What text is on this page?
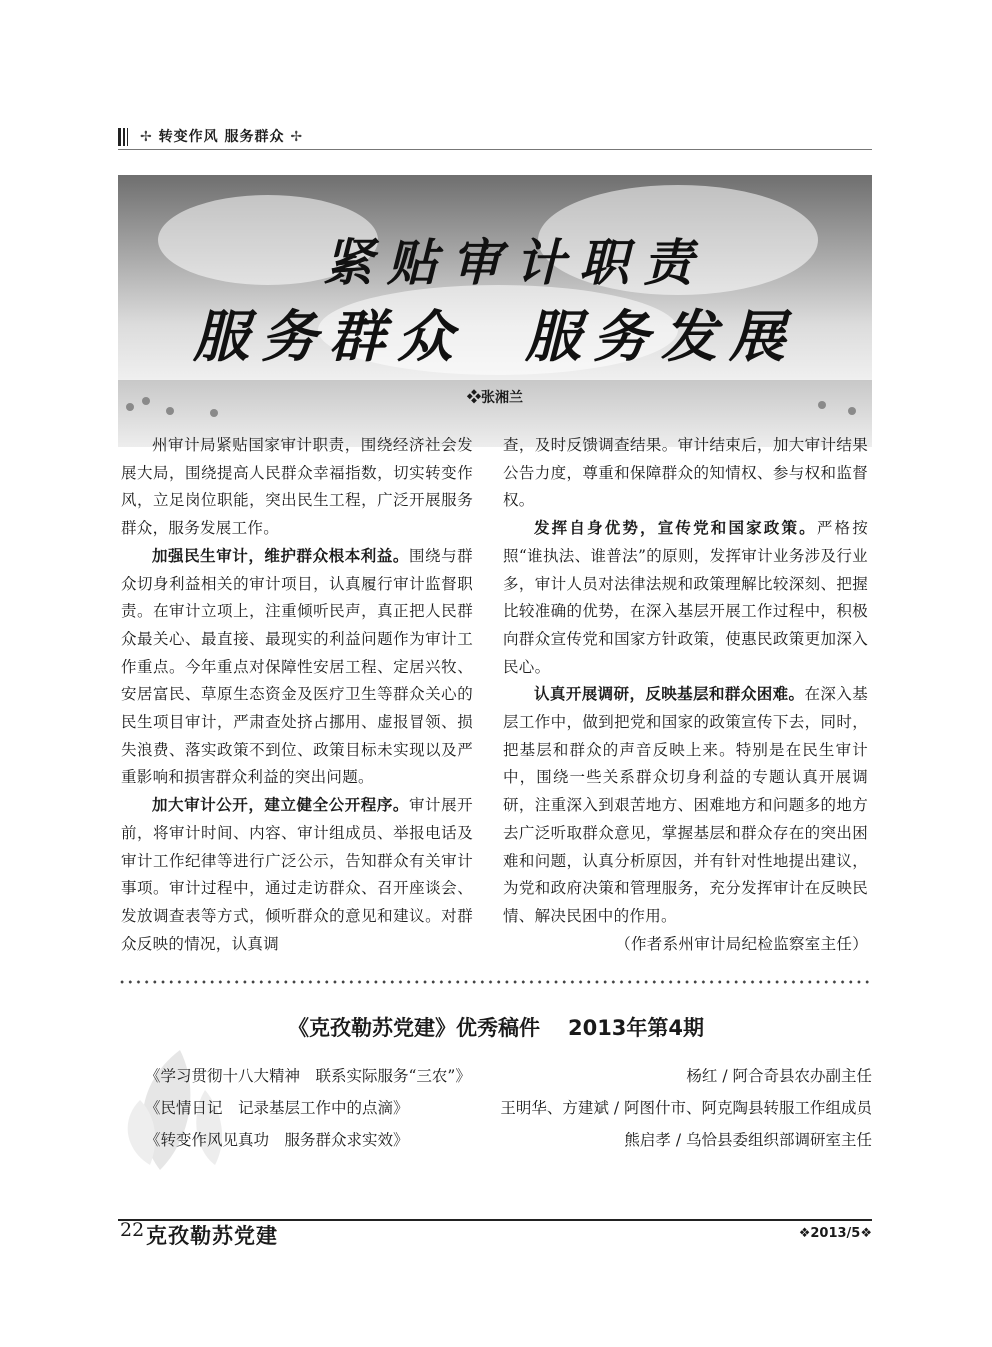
✢ 转变作风 服务群众 ✢
紧贴审计职责
服务群众 服务发展
❖张湘兰

州审计局紧贴国家审计职责，围绕经济社会发展大局，围绕提高人民群众幸福指数，切实转变作风，立足岗位职能，突出民生工程，广泛开展服务群众，服务发展工作。

加强民生审计，维护群众根本利益。围绕与群众切身利益相关的审计项目，认真履行审计监督职责。在审计立项上，注重倾听民声，真正把人民群众最关心、最直接、最现实的利益问题作为审计工作重点。今年重点对保障性安居工程、定居兴牧、安居富民、草原生态资金及医疗卫生等群众关心的民生项目审计，严肃查处挤占挪用、虚报冒领、损失浪费、落实政策不到位、政策目标未实现以及严重影响和损害群众利益的突出问题。

加大审计公开，建立健全公开程序。审计展开前，将审计时间、内容、审计组成员、举报电话及审计工作纪律等进行广泛公示，告知群众有关审计事项。审计过程中，通过走访群众、召开座谈会、发放调查表等方式，倾听群众的意见和建议。对群众反映的情况，认真调

查，及时反馈调查结果。审计结束后，加大审计结果公告力度，尊重和保障群众的知情权、参与权和监督权。

发挥自身优势，宣传党和国家政策。严格按照“谁执法、谁普法”的原则，发挥审计业务涉及行业多，审计人员对法律法规和政策理解比较深刻、把握比较准确的优势，在深入基层开展工作过程中，积极向群众宣传党和国家方针政策，使惠民政策更加深入民心。

认真开展调研，反映基层和群众困难。在深入基层工作中，做到把党和国家的政策宣传下去，同时，把基层和群众的声音反映上来。特别是在民生审计中，围绕一些关系群众切身利益的专题认真开展调研，注重深入到艰苦地方、困难地方和问题多的地方去广泛听取群众意见，掌握基层和群众存在的突出困难和问题，认真分析原因，并有针对性地提出建议，为党和政府决策和管理服务，充分发挥审计在反映民情、解决民困中的作用。

（作者系州审计局纪检监察室主任）

《克孜勒苏党建》优秀稿件 2013年第4期
《学习贯彻十八大精神　联系实际服务“三农”》	杨红 / 阿合奇县农办副主任
《民情日记　记录基层工作中的点滴》	王明华、方建斌 / 阿图什市、阿克陶县转服工作组成员
《转变作风见真功　服务群众求实效》	熊启孝 / 乌恰县委组织部调研室主任
22 克孜勒苏党建	❖2013/5❖
